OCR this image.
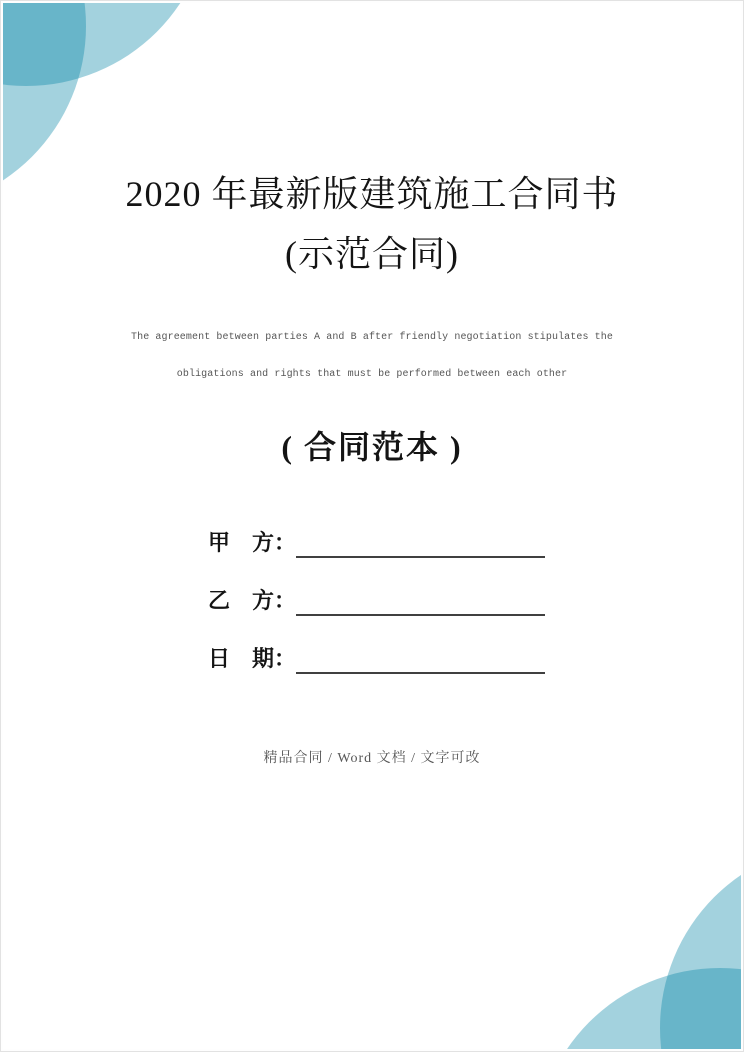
2020 年最新版建筑施工合同书
(示范合同)
The agreement between parties A and B after friendly negotiation stipulates the
obligations and rights that must be performed between each other
( 合同范本 )
甲　方：
乙　方：
日　期：
精品合同 / Word 文档 / 文字可改
